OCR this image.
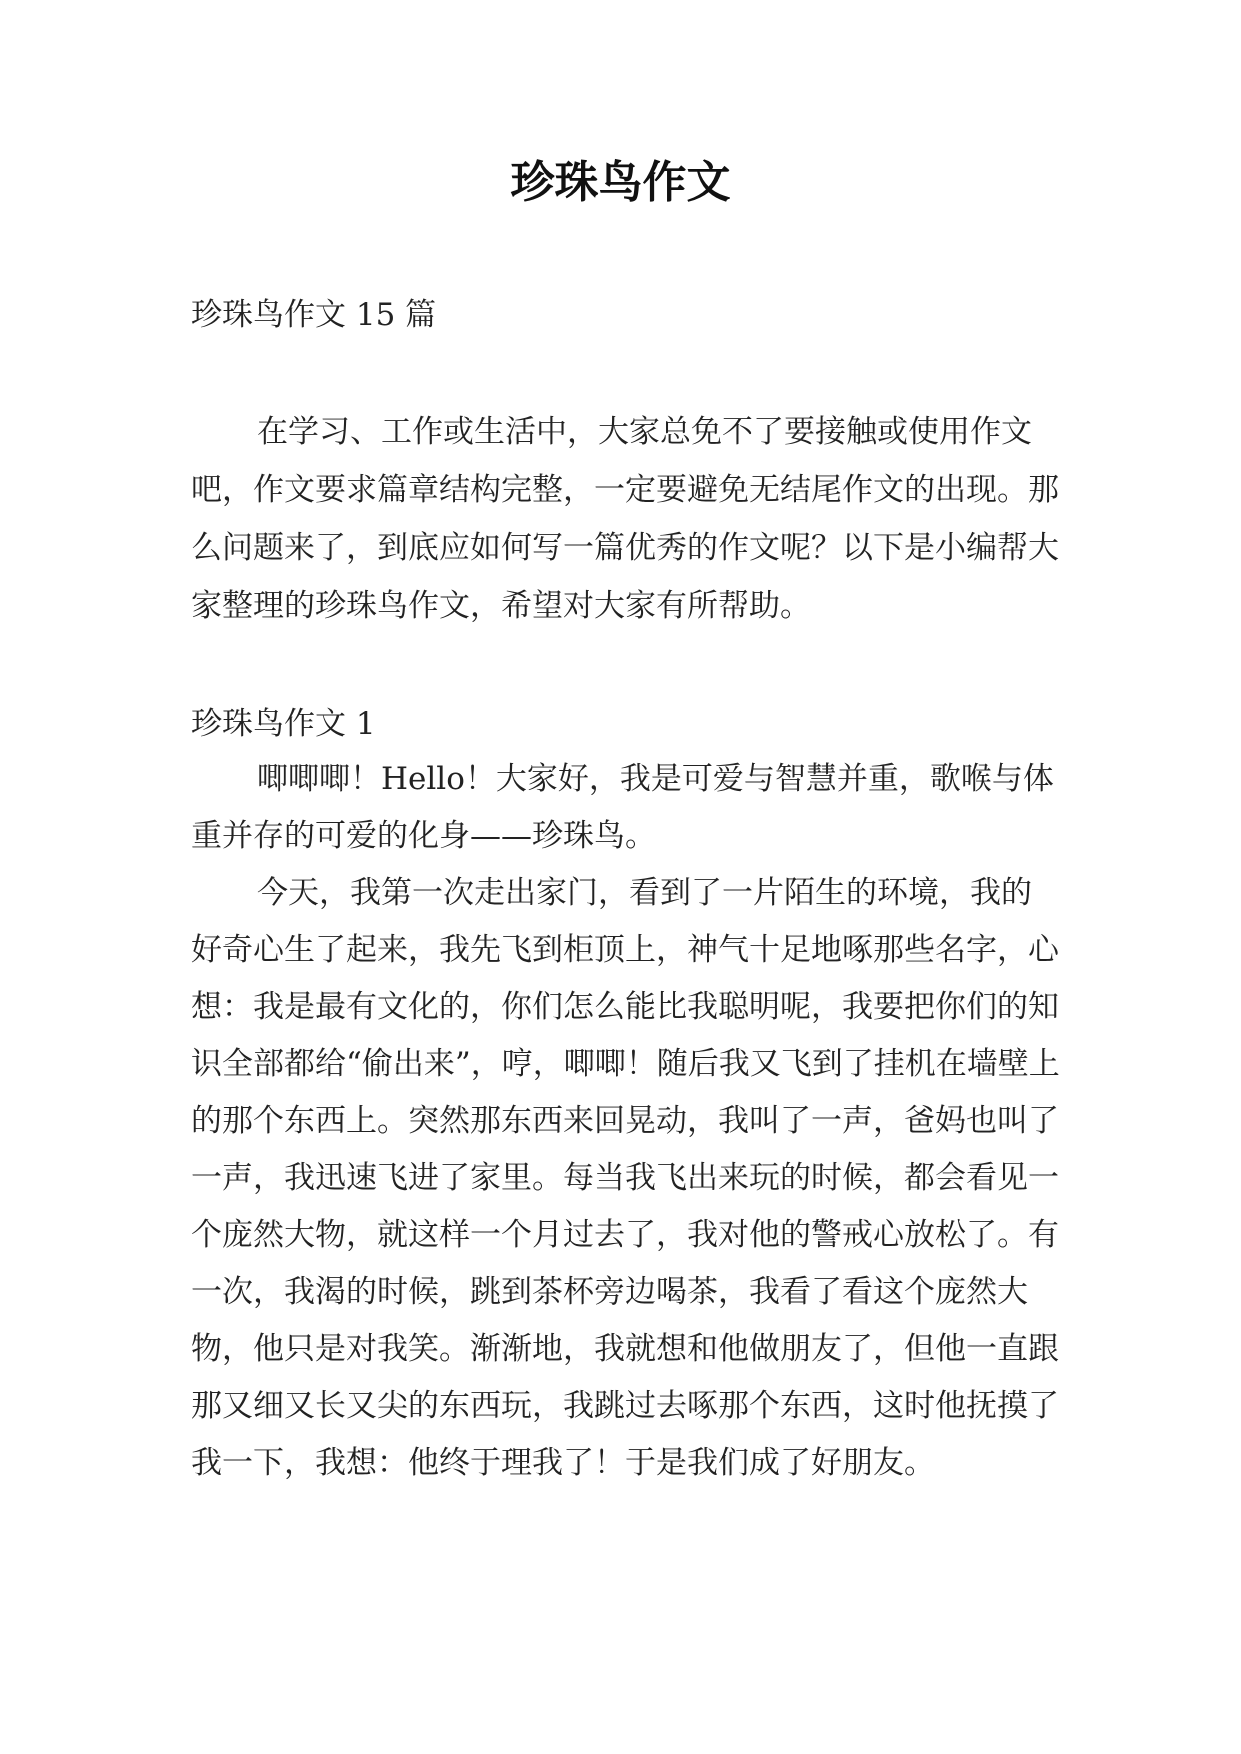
珍珠鸟作文
珍珠鸟作文 15 篇

在学习、工作或生活中，大家总免不了要接触或使用作文吧，作文要求篇章结构完整，一定要避免无结尾作文的出现。那么问题来了，到底应如何写一篇优秀的作文呢？以下是小编帮大家整理的珍珠鸟作文，希望对大家有所帮助。

珍珠鸟作文 1

唧唧唧！Hello！大家好，我是可爱与智慧并重，歌喉与体重并存的可爱的化身——珍珠鸟。

今天，我第一次走出家门，看到了一片陌生的环境，我的好奇心生了起来，我先飞到柜顶上，神气十足地啄那些名字，心想：我是最有文化的，你们怎么能比我聪明呢，我要把你们的知识全部都给“偷出来”，哼，唧唧！随后我又飞到了挂机在墙壁上的那个东西上。突然那东西来回晃动，我叫了一声，爸妈也叫了一声，我迅速飞进了家里。每当我飞出来玩的时候，都会看见一个庞然大物，就这样一个月过去了，我对他的警戒心放松了。有一次，我渴的时候，跳到茶杯旁边喝茶，我看了看这个庞然大物，他只是对我笑。渐渐地，我就想和他做朋友了，但他一直跟那又细又长又尖的东西玩，我跳过去啄那个东西，这时他抚摸了我一下，我想：他终于理我了！于是我们成了好朋友。
